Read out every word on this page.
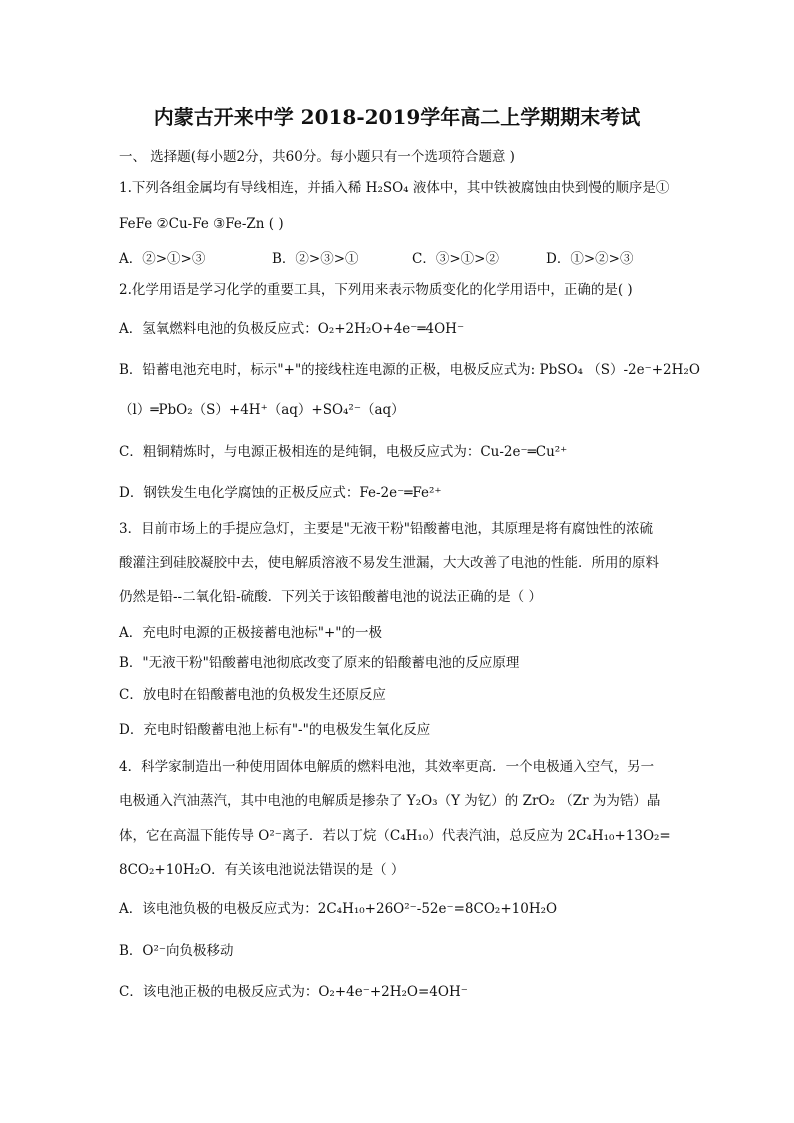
内蒙古开来中学 2018-2019学年高二上学期期末考试
一、 选择题(每小题2分，共60分。每小题只有一个选项符合题意 )
1.下列各组金属均有导线相连，并插入稀 H₂SO₄ 液体中，其中铁被腐蚀由快到慢的顺序是①
FeFe ②Cu-Fe ③Fe-Zn ( )
A．②>①>③	B．②>③>①	C．③>①>②	D．①>②>③
2.化学用语是学习化学的重要工具，下列用来表示物质变化的化学用语中，正确的是( )
A．氢氧燃料电池的负极反应式：O₂+2H₂O+4e⁻═4OH⁻
B．铅蓄电池充电时，标示"+"的接线柱连电源的正极，电极反应式为: PbSO₄ （S）-2e⁻+2H₂O
（l）═PbO₂（S）+4H⁺（aq）+SO₄²⁻（aq）
C．粗铜精炼时，与电源正极相连的是纯铜，电极反应式为：Cu-2e⁻═Cu²⁺
D．钢铁发生电化学腐蚀的正极反应式：Fe-2e⁻═Fe²⁺
3．目前市场上的手提应急灯，主要是"无液干粉"铅酸蓄电池，其原理是将有腐蚀性的浓硫
酸灌注到硅胶凝胶中去，使电解质溶液不易发生泄漏，大大改善了电池的性能．所用的原料
仍然是铅--二氧化铅-硫酸．下列关于该铅酸蓄电池的说法正确的是（ ）
A．充电时电源的正极接蓄电池标"+"的一极
B．"无液干粉"铅酸蓄电池彻底改变了原来的铅酸蓄电池的反应原理
C．放电时在铅酸蓄电池的负极发生还原反应
D．充电时铅酸蓄电池上标有"-"的电极发生氧化反应
4．科学家制造出一种使用固体电解质的燃料电池，其效率更高．一个电极通入空气，另一
电极通入汽油蒸汽，其中电池的电解质是掺杂了 Y₂O₃（Y 为钇）的 ZrO₂ （Zr 为为锆）晶
体，它在高温下能传导 O²⁻离子．若以丁烷（C₄H₁₀）代表汽油，总反应为 2C₄H₁₀+13O₂=
8CO₂+10H₂O．有关该电池说法错误的是（ ）
A．该电池负极的电极反应式为：2C₄H₁₀+26O²⁻-52e⁻=8CO₂+10H₂O
B．O²⁻向负极移动
C．该电池正极的电极反应式为：O₂+4e⁻+2H₂O=4OH⁻
